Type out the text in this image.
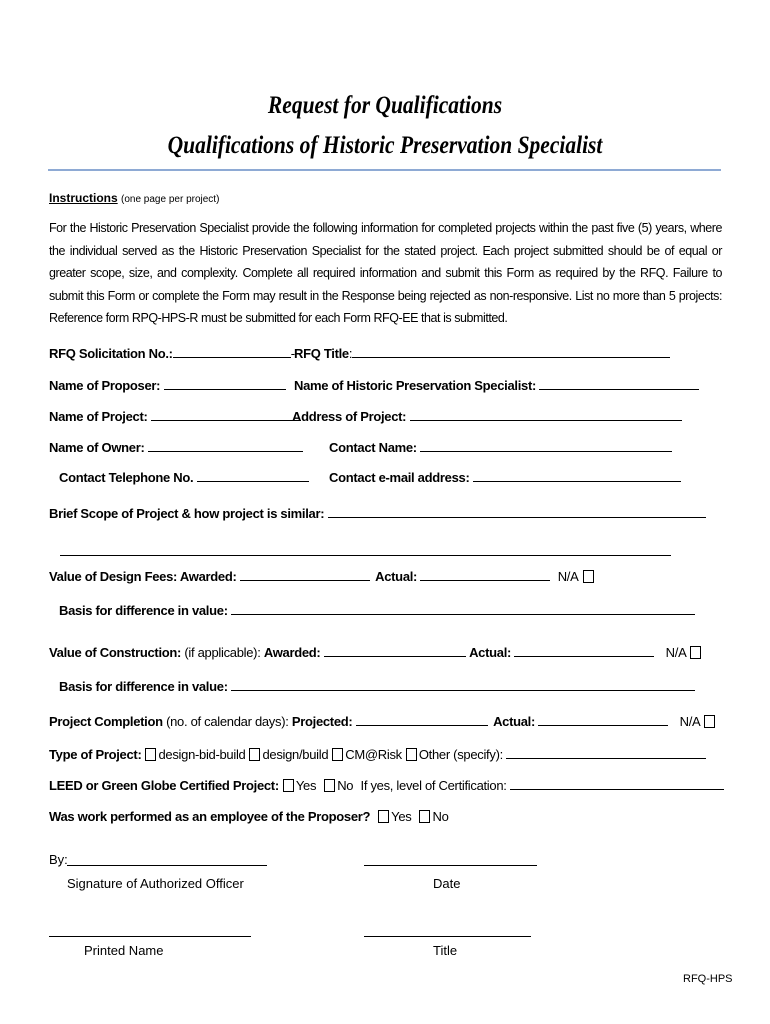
Request for Qualifications
Qualifications of Historic Preservation Specialist
Instructions (one page per project)
For the Historic Preservation Specialist provide the following information for completed projects within the past five (5) years, where the individual served as the Historic Preservation Specialist for the stated project. Each project submitted should be of equal or greater scope, size, and complexity. Complete all required information and submit this Form as required by the RFQ. Failure to submit this Form or complete the Form may result in the Response being rejected as non-responsive. List no more than 5 projects: Reference form RPQ-HPS-R must be submitted for each Form RFQ-EE that is submitted.
RFQ Solicitation No.:	- RFQ Title:
Name of Proposer:	Name of Historic Preservation Specialist:
Name of Project:	Address of Project:
Name of Owner:	Contact Name:
Contact Telephone No.	Contact e-mail address:
Brief Scope of Project & how project is similar:
Value of Design Fees: Awarded:	Actual:	N/A
Basis for difference in value:
Value of Construction: (if applicable): Awarded:	Actual:	N/A
Basis for difference in value:
Project Completion (no. of calendar days): Projected:	Actual:	N/A
Type of Project: design-bid-build design/build CM@Risk Other (specify):
LEED or Green Globe Certified Project: Yes No If yes, level of Certification:
Was work performed as an employee of the Proposer? Yes No
By:
Signature of Authorized Officer	Date
Printed Name	Title
RFQ-HPS
